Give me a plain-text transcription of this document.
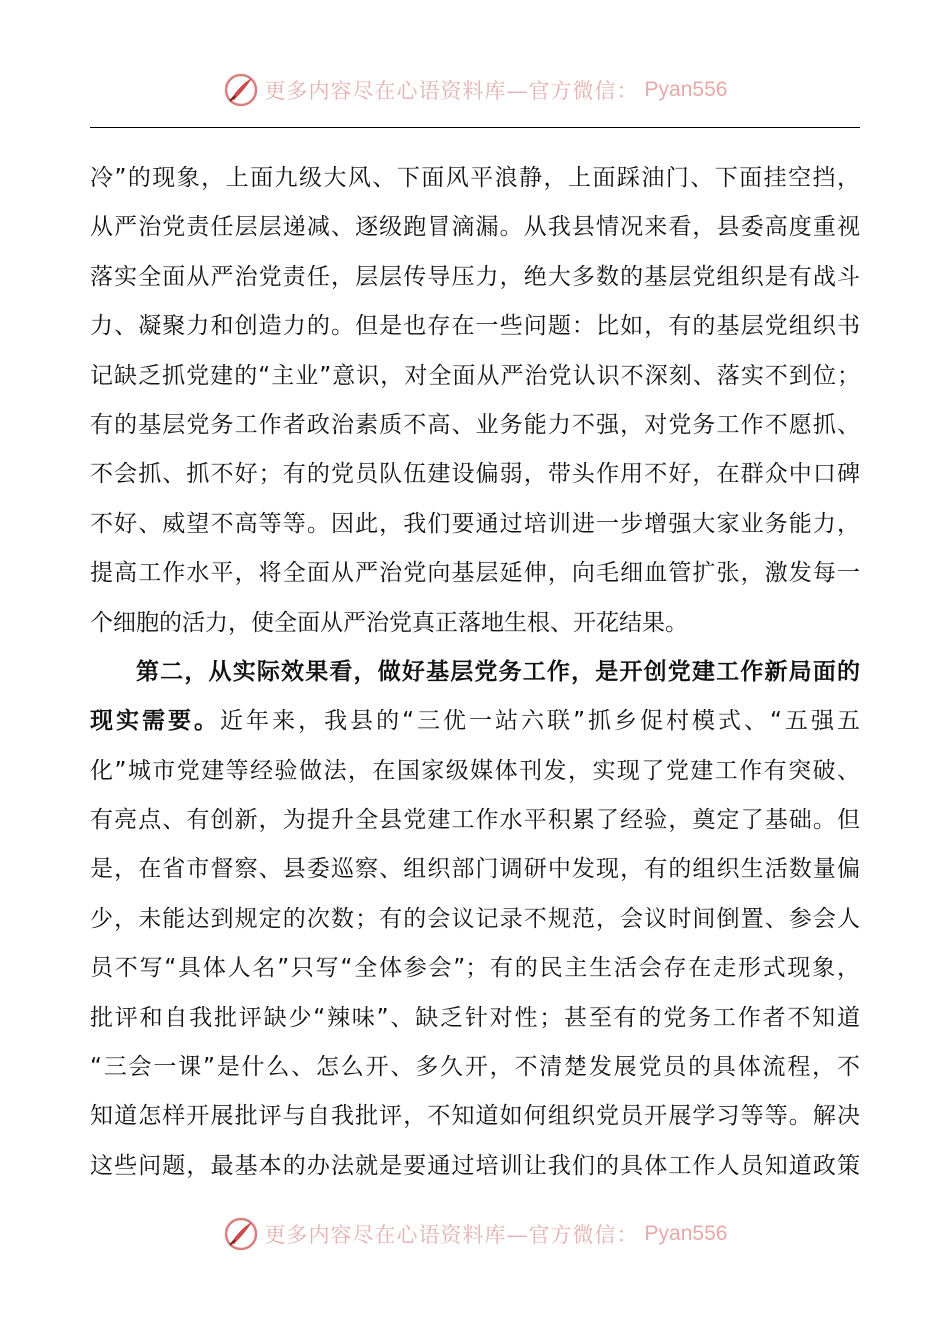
更多内容尽在心语资料库—官方微信： Pyan556
冷”的现象，上面九级大风、下面风平浪静，上面踩油门、下面挂空挡，
从严治党责任层层递减、逐级跑冒滴漏。从我县情况来看，县委高度重视
落实全面从严治党责任，层层传导压力，绝大多数的基层党组织是有战斗
力、凝聚力和创造力的。但是也存在一些问题：比如，有的基层党组织书
记缺乏抓党建的“主业”意识，对全面从严治党认识不深刻、落实不到位；
有的基层党务工作者政治素质不高、业务能力不强，对党务工作不愿抓、
不会抓、抓不好；有的党员队伍建设偏弱，带头作用不好，在群众中口碑
不好、威望不高等等。因此，我们要通过培训进一步增强大家业务能力，
提高工作水平，将全面从严治党向基层延伸，向毛细血管扩张，激发每一
个细胞的活力，使全面从严治党真正落地生根、开花结果。
第二，从实际效果看，做好基层党务工作，是开创党建工作新局面的
现实需要。近年来，我县的“三优一站六联”抓乡促村模式、“五强五
化”城市党建等经验做法，在国家级媒体刊发，实现了党建工作有突破、
有亮点、有创新，为提升全县党建工作水平积累了经验，奠定了基础。但
是，在省市督察、县委巡察、组织部门调研中发现，有的组织生活数量偏
少，未能达到规定的次数；有的会议记录不规范，会议时间倒置、参会人
员不写“具体人名”只写“全体参会”；有的民主生活会存在走形式现象，
批评和自我批评缺少“辣味”、缺乏针对性；甚至有的党务工作者不知道
“三会一课”是什么、怎么开、多久开，不清楚发展党员的具体流程，不
知道怎样开展批评与自我批评，不知道如何组织党员开展学习等等。解决
这些问题，最基本的办法就是要通过培训让我们的具体工作人员知道政策
更多内容尽在心语资料库—官方微信： Pyan556
